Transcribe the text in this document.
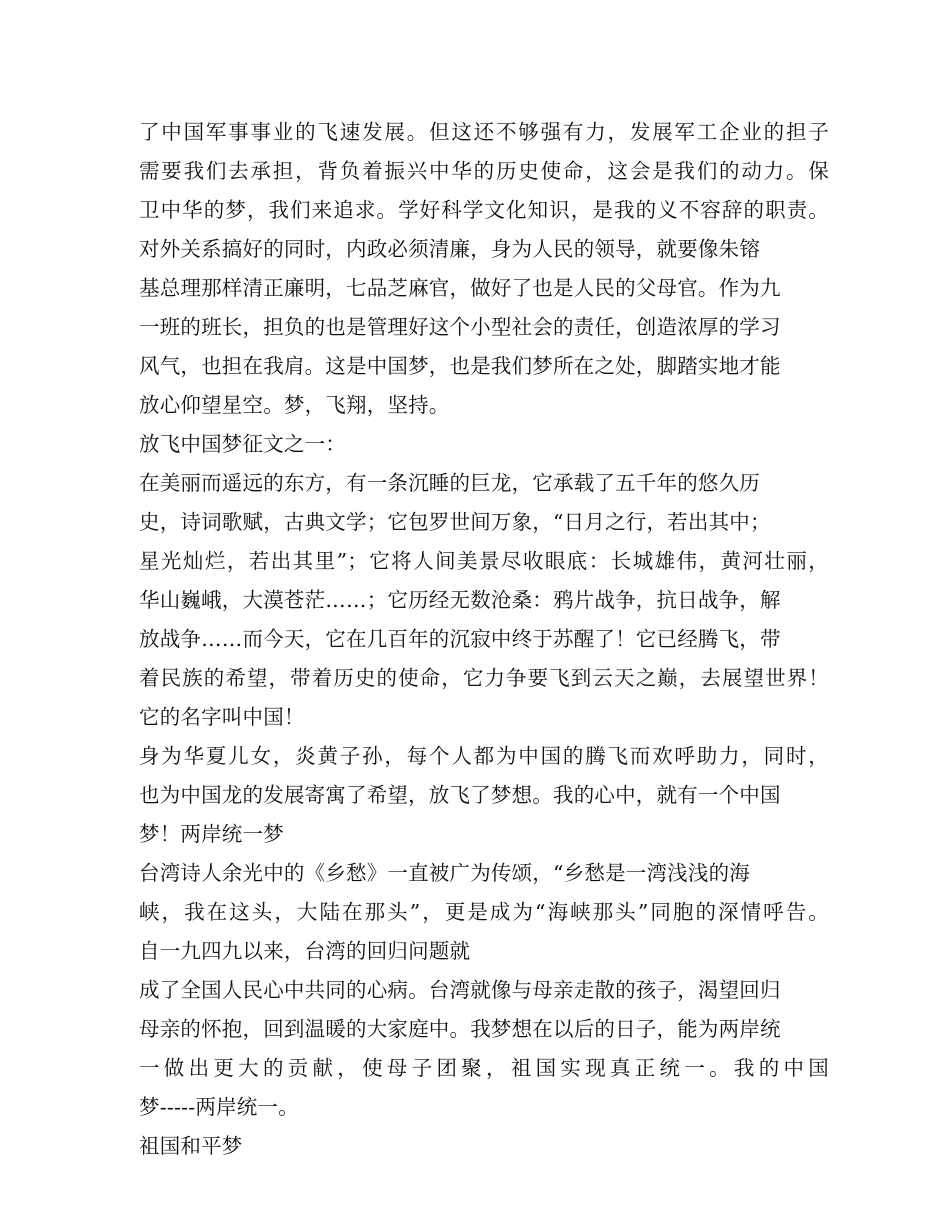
了中国军事事业的飞速发展。但这还不够强有力，发展军工企业的担子
需要我们去承担，背负着振兴中华的历史使命，这会是我们的动力。保
卫中华的梦，我们来追求。学好科学文化知识，是我的义不容辞的职责。
对外关系搞好的同时，内政必须清廉，身为人民的领导，就要像朱镕
基总理那样清正廉明，七品芝麻官，做好了也是人民的父母官。作为九
一班的班长，担负的也是管理好这个小型社会的责任，创造浓厚的学习
风气，也担在我肩。这是中国梦，也是我们梦所在之处，脚踏实地才能
放心仰望星空。梦，飞翔，坚持。
放飞中国梦征文之一：
在美丽而遥远的东方，有一条沉睡的巨龙，它承载了五千年的悠久历
史，诗词歌赋，古典文学；它包罗世间万象，“日月之行，若出其中；
星光灿烂，若出其里”；它将人间美景尽收眼底：长城雄伟，黄河壮丽，
华山巍峨，大漠苍茫……；它历经无数沧桑：鸦片战争，抗日战争，解
放战争……而今天，它在几百年的沉寂中终于苏醒了！它已经腾飞，带
着民族的希望，带着历史的使命，它力争要飞到云天之巅，去展望世界！
它的名字叫中国！
身为华夏儿女，炎黄子孙，每个人都为中国的腾飞而欢呼助力，同时，
也为中国龙的发展寄寓了希望，放飞了梦想。我的心中，就有一个中国
梦！两岸统一梦
台湾诗人余光中的《乡愁》一直被广为传颂，“乡愁是一湾浅浅的海
峡，我在这头，大陆在那头”，更是成为“海峡那头”同胞的深情呼告。
自一九四九以来，台湾的回归问题就
成了全国人民心中共同的心病。台湾就像与母亲走散的孩子，渴望回归
母亲的怀抱，回到温暖的大家庭中。我梦想在以后的日子，能为两岸统
一做出更大的贡献，使母子团聚，祖国实现真正统一。我的中国
梦-----两岸统一。
祖国和平梦
